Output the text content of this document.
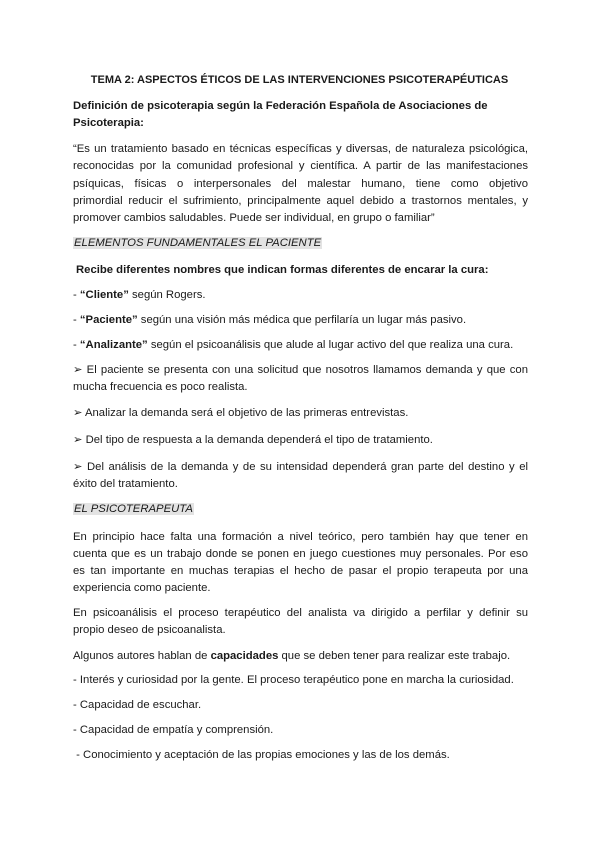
TEMA 2: ASPECTOS ÉTICOS DE LAS INTERVENCIONES PSICOTERAPÉUTICAS

Definición de psicoterapia según la Federación Española de Asociaciones de

Psicoterapia:

“Es un tratamiento basado en técnicas específicas y diversas, de naturaleza psicológica,

reconocidas por la comunidad profesional y científica. A partir de las manifestaciones

psíquicas, físicas o interpersonales del malestar humano, tiene como objetivo

primordial reducir el sufrimiento, principalmente aquel debido a trastornos mentales, y

promover cambios saludables. Puede ser individual, en grupo o familiar”

ELEMENTOS FUNDAMENTALES EL PACIENTE

Recibe diferentes nombres que indican formas diferentes de encarar la cura:

- “Cliente” según Rogers.

- “Paciente” según una visión más médica que perfilaría un lugar más pasivo.

- “Analizante” según el psicoanálisis que alude al lugar activo del que realiza una cura.

➢ El paciente se presenta con una solicitud que nosotros llamamos demanda y que con

mucha frecuencia es poco realista.

➢ Analizar la demanda será el objetivo de las primeras entrevistas.

➢ Del tipo de respuesta a la demanda dependerá el tipo de tratamiento.

➢ Del análisis de la demanda y de su intensidad dependerá gran parte del destino y el

éxito del tratamiento.

EL PSICOTERAPEUTA

En principio hace falta una formación a nivel teórico, pero también hay que tener en

cuenta que es un trabajo donde se ponen en juego cuestiones muy personales. Por eso

es tan importante en muchas terapias el hecho de pasar el propio terapeuta por una

experiencia como paciente.

En psicoanálisis el proceso terapéutico del analista va dirigido a perfilar y definir su

propio deseo de psicoanalista.

Algunos autores hablan de capacidades que se deben tener para realizar este trabajo.

- Interés y curiosidad por la gente. El proceso terapéutico pone en marcha la curiosidad.

- Capacidad de escuchar.

- Capacidad de empatía y comprensión.

- Conocimiento y aceptación de las propias emociones y las de los demás.
